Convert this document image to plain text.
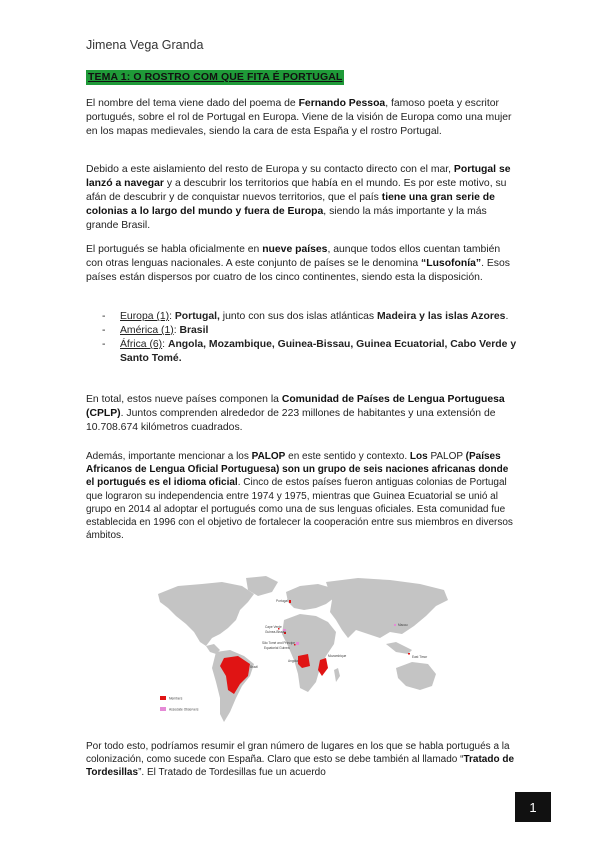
Jimena Vega Granda
TEMA 1: O ROSTRO COM QUE FITA É PORTUGAL

El nombre del tema viene dado del poema de Fernando Pessoa, famoso poeta y escritor portugués, sobre el rol de Portugal en Europa. Viene de la visión de Europa como una mujer en los mapas medievales, siendo la cara de esta España y el rostro Portugal.

Debido a este aislamiento del resto de Europa y su contacto directo con el mar, Portugal se lanzó a navegar y a descubrir los territorios que había en el mundo. Es por este motivo, su afán de descubrir y de conquistar nuevos territorios, que el país tiene una gran serie de colonias a lo largo del mundo y fuera de Europa, siendo la más importante y la más grande Brasil.

El portugués se habla oficialmente en nueve países, aunque todos ellos cuentan también con otras lenguas nacionales. A este conjunto de países se le denomina “Lusofonía”. Esos países están dispersos por cuatro de los cinco continentes, siendo esta la disposición.

- Europa (1): Portugal, junto con sus dos islas atlánticas Madeira y las islas Azores.
- América (1): Brasil
- África (6): Angola, Mozambique, Guinea-Bissau, Guinea Ecuatorial, Cabo Verde y Santo Tomé.

En total, estos nueve países componen la Comunidad de Países de Lengua Portuguesa (CPLP). Juntos comprenden alrededor de 223 millones de habitantes y una extensión de 10.708.674 kilómetros cuadrados.

Además, importante mencionar a los PALOP en este sentido y contexto. Los PALOP (Países Africanos de Lengua Oficial Portuguesa) son un grupo de seis naciones africanas donde el portugués es el idioma oficial. Cinco de estos países fueron antiguas colonias de Portugal que lograron su independencia entre 1974 y 1975, mientras que Guinea Ecuatorial se unió al grupo en 2014 al adoptar el portugués como una de sus lenguas oficiales. Esta comunidad fue establecida en 1996 con el objetivo de fortalecer la cooperación entre sus miembros en diversos ámbitos.

Portugal
Cape Verde
Guinea-Bissau
São Tomé and Príncipe
Equatorial Guinea
Angola
Mozambique
Brazil
East Timor
Macau
Members
Associate Observers

Por todo esto, podríamos resumir el gran número de lugares en los que se habla portugués a la colonización, como sucede con España. Claro que esto se debe también al llamado “Tratado de Tordesillas”. El Tratado de Tordesillas fue un acuerdo

1
